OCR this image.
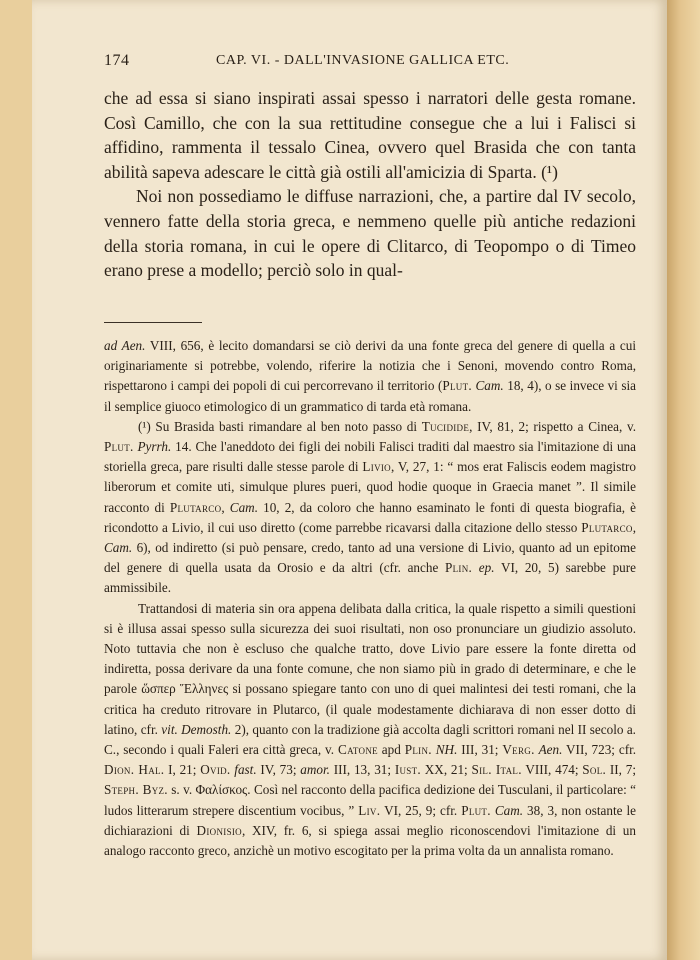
174	CAP. VI. - DALL'INVASIONE GALLICA ETC.

che ad essa si siano inspirati assai spesso i narratori delle gesta romane. Così Camillo, che con la sua rettitudine consegue che a lui i Falisci si affidino, rammenta il tessalo Cinea, ovvero quel Brasida che con tanta abilità sapeva adescare le città già ostili all'amicizia di Sparta. (¹)

Noi non possediamo le diffuse narrazioni, che, a partire dal IV secolo, vennero fatte della storia greca, e nemmeno quelle più antiche redazioni della storia romana, in cui le opere di Clitarco, di Teopompo o di Timeo erano prese a modello; perciò solo in qual-

ad Aen. VIII, 656, è lecito domandarsi se ciò derivi da una fonte greca del genere di quella a cui originariamente si potrebbe, volendo, riferire la notizia che i Senoni, movendo contro Roma, rispettarono i campi dei popoli di cui percorrevano il territorio (Plut. Cam. 18, 4), o se invece vi sia il semplice giuoco etimologico di un grammatico di tarda età romana.

(¹) Su Brasida basti rimandare al ben noto passo di Tucidide, IV, 81, 2; rispetto a Cinea, v. Plut. Pyrrh. 14. Che l'aneddoto dei figli dei nobili Falisci traditi dal maestro sia l'imitazione di una storiella greca, pare risulti dalle stesse parole di Livio, V, 27, 1: “ mos erat Faliscis eodem magistro liberorum et comite uti, simulque plures pueri, quod hodie quoque in Graecia manet ”. Il simile racconto di Plutarco, Cam. 10, 2, da coloro che hanno esaminato le fonti di questa biografia, è ricondotto a Livio, il cui uso diretto (come parrebbe ricavarsi dalla citazione dello stesso Plutarco, Cam. 6), od indiretto (si può pensare, credo, tanto ad una versione di Livio, quanto ad un epitome del genere di quella usata da Orosio e da altri (cfr. anche Plin. ep. VI, 20, 5) sarebbe pure ammissibile.

Trattandosi di materia sin ora appena delibata dalla critica, la quale rispetto a simili questioni si è illusa assai spesso sulla sicurezza dei suoi risultati, non oso pronunciare un giudizio assoluto. Noto tuttavia che non è escluso che qualche tratto, dove Livio pare essere la fonte diretta od indiretta, possa derivare da una fonte comune, che non siamo più in grado di determinare, e che le parole ὥσπερ Ἕλληνες si possano spiegare tanto con uno di quei malintesi dei testi romani, che la critica ha creduto ritrovare in Plutarco, (il quale modestamente dichiarava di non esser dotto di latino, cfr. vit. Demosth. 2), quanto con la tradizione già accolta dagli scrittori romani nel II secolo a. C., secondo i quali Faleri era città greca, v. Catone apd Plin. NH. III, 31; Verg. Aen. VII, 723; cfr. Dion. Hal. I, 21; Ovid. fast. IV, 73; amor. III, 13, 31; Iust. XX, 21; Sil. Ital. VIII, 474; Sol. II, 7; Steph. Byz. s. v. Φαλίσκος. Così nel racconto della pacifica dedizione dei Tusculani, il particolare: “ ludos litterarum strepere discentium vocibus, ” Liv. VI, 25, 9; cfr. Plut. Cam. 38, 3, non ostante le dichiarazioni di Dionisio, XIV, fr. 6, si spiega assai meglio riconoscendovi l'imitazione di un analogo racconto greco, anzichè un motivo escogitato per la prima volta da un annalista romano.
